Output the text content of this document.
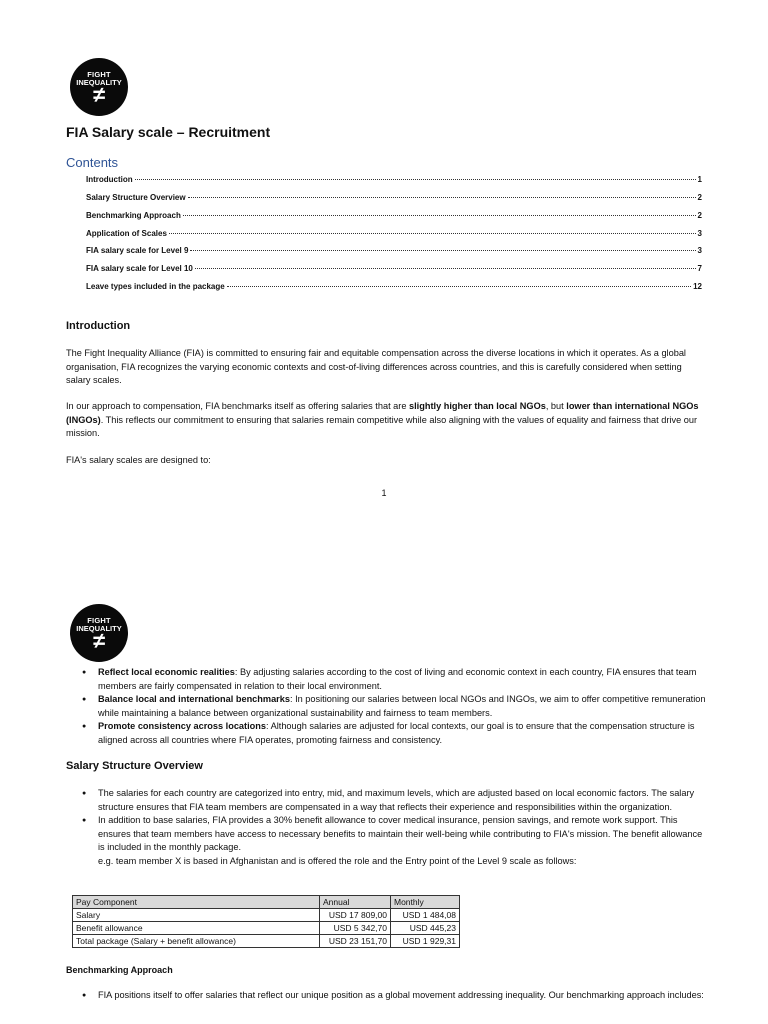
FIGHT
INEQUALITY
≠
FIA Salary scale – Recruitment
Contents
Introduction	1
Salary Structure Overview	2
Benchmarking Approach	2
Application of Scales	3
FIA salary scale for Level 9	3
FIA salary scale for Level 10	7
Leave types included in the package	12
Introduction
The Fight Inequality Alliance (FIA) is committed to ensuring fair and equitable compensation across the diverse locations in which it operates. As a global organisation, FIA recognizes the varying economic contexts and cost-of-living differences across countries, and this is carefully considered when setting salary scales.
In our approach to compensation, FIA benchmarks itself as offering salaries that are slightly higher than local NGOs, but lower than international NGOs (INGOs). This reflects our commitment to ensuring that salaries remain competitive while also aligning with the values of equality and fairness that drive our mission.
FIA's salary scales are designed to:
1
FIGHT
INEQUALITY
≠
● Reflect local economic realities: By adjusting salaries according to the cost of living and economic context in each country, FIA ensures that team members are fairly compensated in relation to their local environment.
● Balance local and international benchmarks: In positioning our salaries between local NGOs and INGOs, we aim to offer competitive remuneration while maintaining a balance between organizational sustainability and fairness to team members.
● Promote consistency across locations: Although salaries are adjusted for local contexts, our goal is to ensure that the compensation structure is aligned across all countries where FIA operates, promoting fairness and consistency.
Salary Structure Overview
● The salaries for each country are categorized into entry, mid, and maximum levels, which are adjusted based on local economic factors. The salary structure ensures that FIA team members are compensated in a way that reflects their experience and responsibilities within the organization.
● In addition to base salaries, FIA provides a 30% benefit allowance to cover medical insurance, pension savings, and remote work support. This ensures that team members have access to necessary benefits to maintain their well-being while contributing to FIA's mission. The benefit allowance is included in the monthly package.
e.g. team member X is based in Afghanistan and is offered the role and the Entry point of the Level 9 scale as follows:
Pay Component	Annual	Monthly
Salary	USD 17 809,00	USD 1 484,08
Benefit allowance	USD 5 342,70	USD 445,23
Total package (Salary + benefit allowance)	USD 23 151,70	USD 1 929,31
Benchmarking Approach
● FIA positions itself to offer salaries that reflect our unique position as a global movement addressing inequality. Our benchmarking approach includes:
